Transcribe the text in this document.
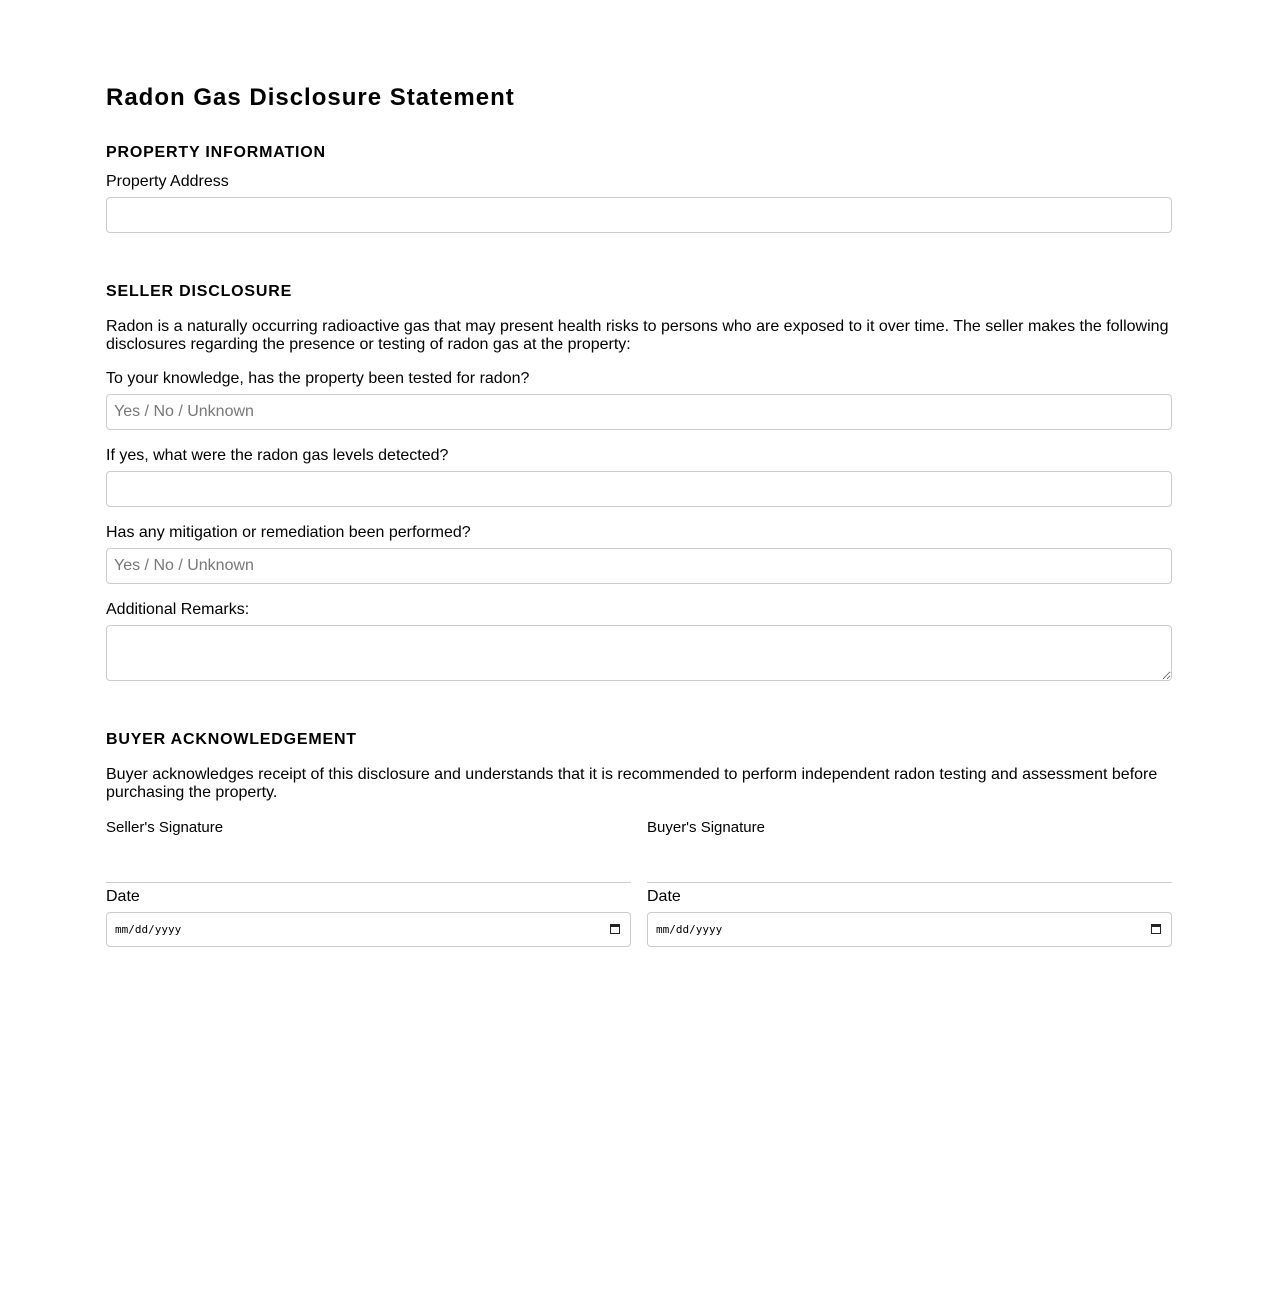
Radon Gas Disclosure Statement
PROPERTY INFORMATION
Property Address
SELLER DISCLOSURE
Radon is a naturally occurring radioactive gas that may present health risks to persons who are exposed to it over time. The seller makes the following disclosures regarding the presence or testing of radon gas at the property:
To your knowledge, has the property been tested for radon?
Yes / No / Unknown
If yes, what were the radon gas levels detected?
Has any mitigation or remediation been performed?
Yes / No / Unknown
Additional Remarks:
BUYER ACKNOWLEDGEMENT
Buyer acknowledges receipt of this disclosure and understands that it is recommended to perform independent radon testing and assessment before purchasing the property.
Seller's Signature	Buyer's Signature
Date	Date
mm/dd/yyyy	mm/dd/yyyy
